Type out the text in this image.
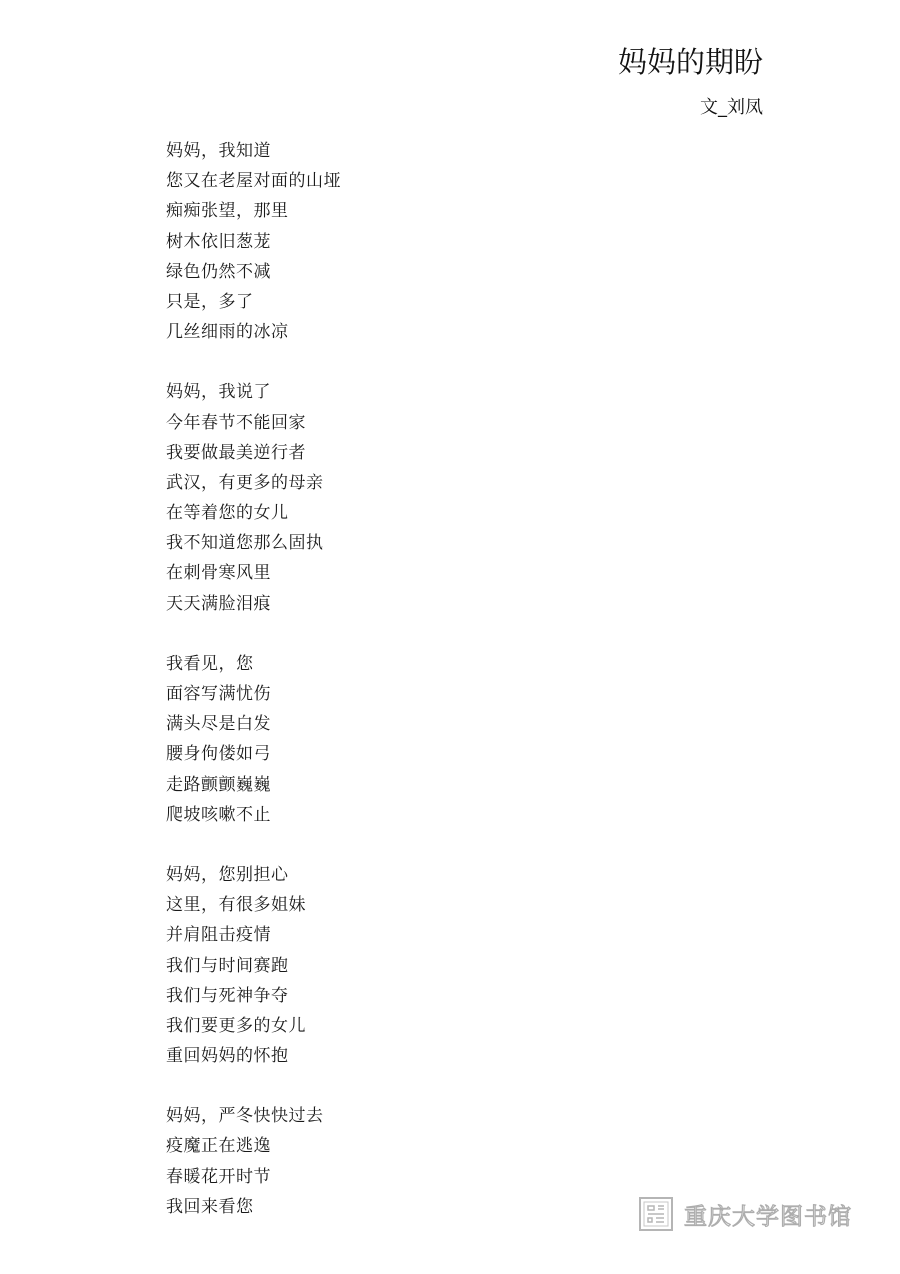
妈妈的期盼
文_刘凤
妈妈，我知道
您又在老屋对面的山垭
痴痴张望，那里
树木依旧葱茏
绿色仍然不减
只是，多了
几丝细雨的冰凉
妈妈，我说了
今年春节不能回家
我要做最美逆行者
武汉，有更多的母亲
在等着您的女儿
我不知道您那么固执
在刺骨寒风里
天天满脸泪痕
我看见，您
面容写满忧伤
满头尽是白发
腰身佝偻如弓
走路颤颤巍巍
爬坡咳嗽不止
妈妈，您别担心
这里，有很多姐妹
并肩阻击疫情
我们与时间赛跑
我们与死神争夺
我们要更多的女儿
重回妈妈的怀抱
妈妈，严冬快快过去
疫魔正在逃逸
春暖花开时节
我回来看您	重庆大学图书馆
